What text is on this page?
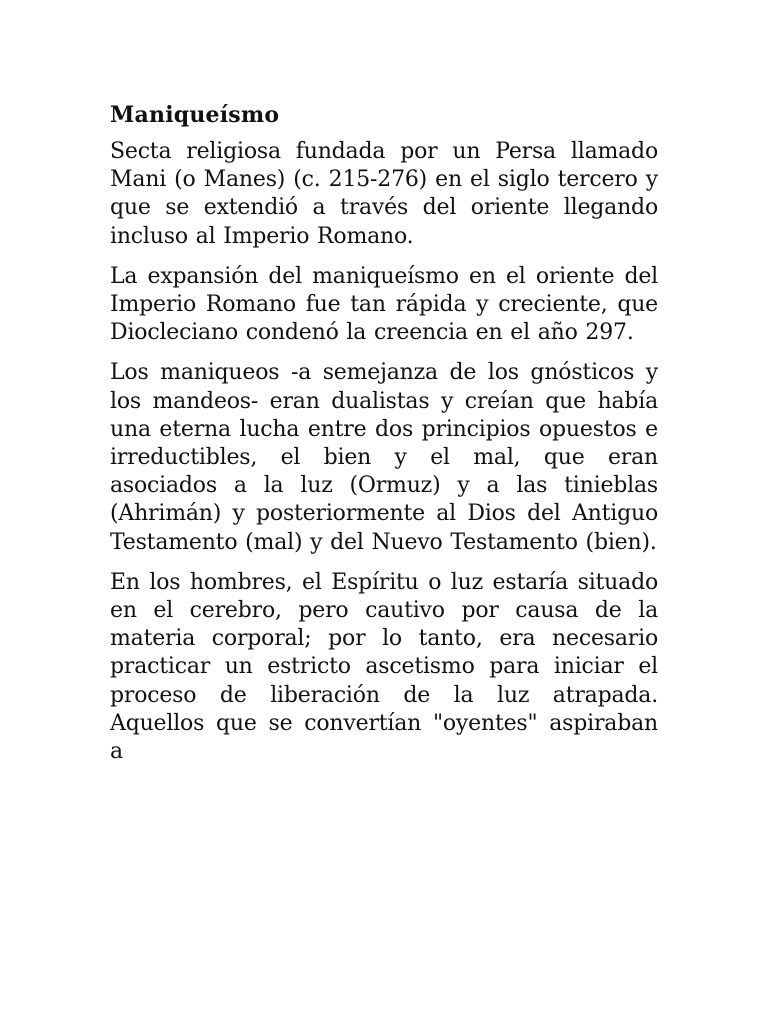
Maniqueísmo

Secta religiosa fundada por un Persa llamado Mani (o Manes) (c. 215-276) en el siglo tercero y que se extendió a través del oriente llegando incluso al Imperio Romano.

La expansión del maniqueísmo en el oriente del Imperio Romano fue tan rápida y creciente, que Diocleciano condenó la creencia en el año 297.

Los maniqueos -a semejanza de los gnósticos y los mandeos- eran dualistas y creían que había una eterna lucha entre dos principios opuestos e irreductibles, el bien y el mal, que eran asociados a la luz (Ormuz) y a las tinieblas (Ahrimán) y posteriormente al Dios del Antiguo Testamento (mal) y del Nuevo Testamento (bien).

En los hombres, el Espíritu o luz estaría situado en el cerebro, pero cautivo por causa de la materia corporal; por lo tanto, era necesario practicar un estricto ascetismo para iniciar el proceso de liberación de la luz atrapada. Aquellos que se convertían "oyentes" aspiraban a
